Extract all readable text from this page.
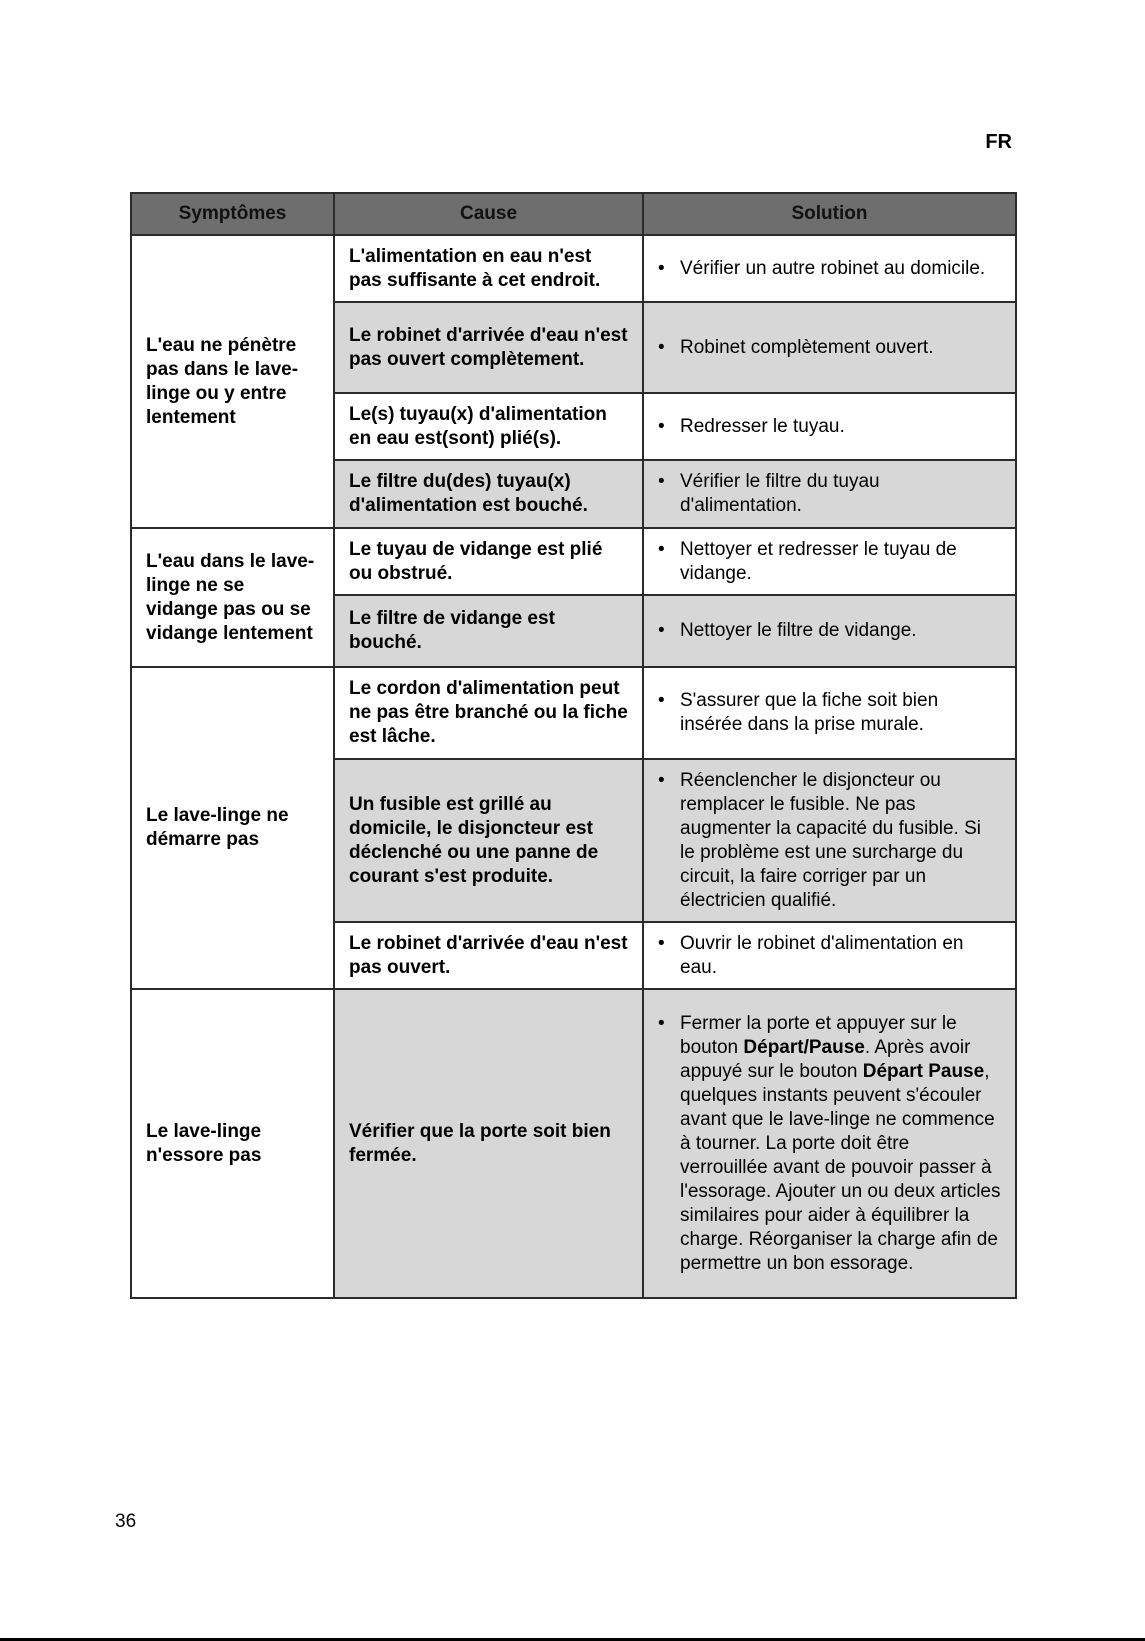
FR
Symptômes	Cause	Solution
L'eau ne pénètre pas dans le lave-linge ou y entre lentement	L'alimentation en eau n'est pas suffisante à cet endroit.	• Vérifier un autre robinet au domicile.

	Le robinet d'arrivée d'eau n'est pas ouvert complètement.	• Robinet complètement ouvert.

	Le(s) tuyau(x) d'alimentation en eau est(sont) plié(s).	• Redresser le tuyau.

	Le filtre du(des) tuyau(x) d'alimentation est bouché.	• Vérifier le filtre du tuyau d'alimentation.

L'eau dans le lave-linge ne se vidange pas ou se vidange lentement	Le tuyau de vidange est plié ou obstrué.	• Nettoyer et redresser le tuyau de vidange.

	Le filtre de vidange est bouché.	• Nettoyer le filtre de vidange.

Le lave-linge ne démarre pas	Le cordon d'alimentation peut ne pas être branché ou la fiche est lâche.	• S'assurer que la fiche soit bien insérée dans la prise murale.

	Un fusible est grillé au domicile, le disjoncteur est déclenché ou une panne de courant s'est produite.	• Réenclencher le disjoncteur ou remplacer le fusible. Ne pas augmenter la capacité du fusible. Si le problème est une surcharge du circuit, la faire corriger par un électricien qualifié.

	Le robinet d'arrivée d'eau n'est pas ouvert.	• Ouvrir le robinet d'alimentation en eau.

Le lave-linge n'essore pas	Vérifier que la porte soit bien fermée.	• Fermer la porte et appuyer sur le bouton Départ/Pause. Après avoir appuyé sur le bouton Départ Pause, quelques instants peuvent s'écouler avant que le lave-linge ne commence à tourner. La porte doit être verrouillée avant de pouvoir passer à l'essorage. Ajouter un ou deux articles similaires pour aider à équilibrer la charge. Réorganiser la charge afin de permettre un bon essorage.
36
